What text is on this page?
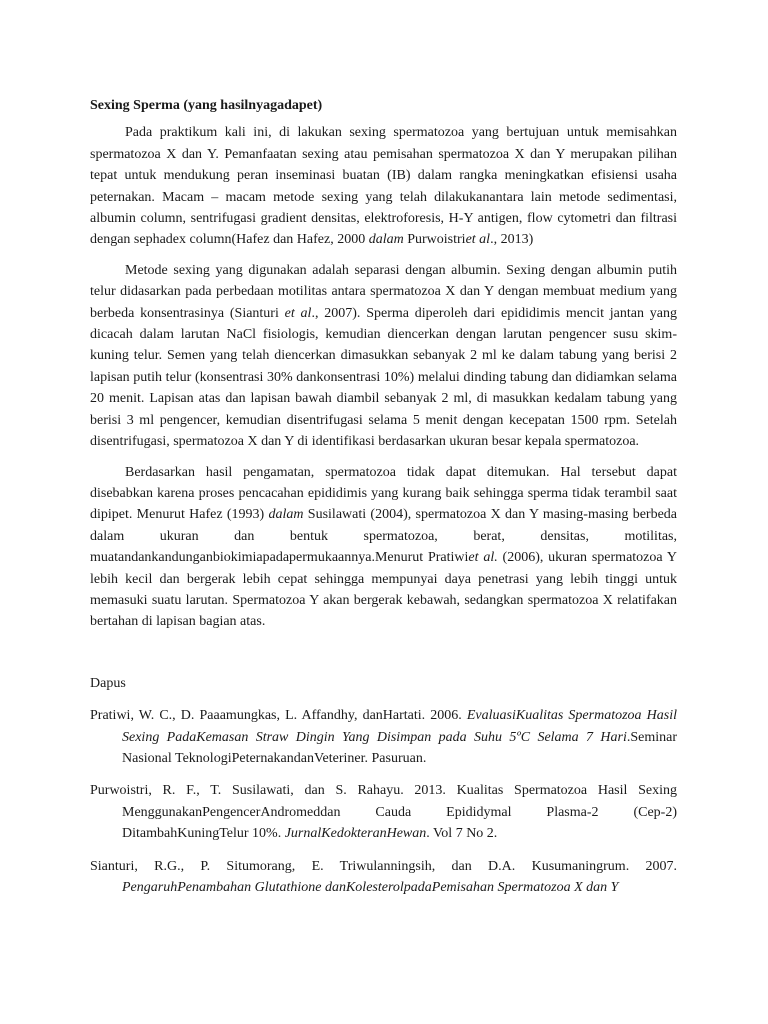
Sexing Sperma (yang hasilnyagadapet)

Pada praktikum kali ini, di lakukan sexing spermatozoa yang bertujuan untuk memisahkan spermatozoa X dan Y. Pemanfaatan sexing atau pemisahan spermatozoa X dan Y merupakan pilihan tepat untuk mendukung peran inseminasi buatan (IB) dalam rangka meningkatkan efisiensi usaha peternakan. Macam – macam metode sexing yang telah dilakukanantara lain metode sedimentasi, albumin column, sentrifugasi gradient densitas, elektroforesis, H-Y antigen, flow cytometri dan filtrasi dengan sephadex column(Hafez dan Hafez, 2000 dalam Purwoistriet al., 2013)

Metode sexing yang digunakan adalah separasi dengan albumin. Sexing dengan albumin putih telur didasarkan pada perbedaan motilitas antara spermatozoa X dan Y dengan membuat medium yang berbeda konsentrasinya (Sianturi et al., 2007). Sperma diperoleh dari epididimis mencit jantan yang dicacah dalam larutan NaCl fisiologis, kemudian diencerkan dengan larutan pengencer susu skim-kuning telur. Semen yang telah diencerkan dimasukkan sebanyak 2 ml ke dalam tabung yang berisi 2 lapisan putih telur (konsentrasi 30% dankonsentrasi 10%) melalui dinding tabung dan didiamkan selama 20 menit. Lapisan atas dan lapisan bawah diambil sebanyak 2 ml, di masukkan kedalam tabung yang berisi 3 ml pengencer, kemudian disentrifugasi selama 5 menit dengan kecepatan 1500 rpm. Setelah disentrifugasi, spermatozoa X dan Y di identifikasi berdasarkan ukuran besar kepala spermatozoa.

Berdasarkan hasil pengamatan, spermatozoa tidak dapat ditemukan. Hal tersebut dapat disebabkan karena proses pencacahan epididimis yang kurang baik sehingga sperma tidak terambil saat dipipet. Menurut Hafez (1993) dalam Susilawati (2004), spermatozoa X dan Y masing-masing berbeda dalam ukuran dan bentuk spermatozoa, berat, densitas, motilitas, muatandankandunganbiokimiapadapermukaannya.Menurut Pratiwiet al. (2006), ukuran spermatozoa Y lebih kecil dan bergerak lebih cepat sehingga mempunyai daya penetrasi yang lebih tinggi untuk memasuki suatu larutan. Spermatozoa Y akan bergerak kebawah, sedangkan spermatozoa X relatifakan bertahan di lapisan bagian atas.

Dapus

Pratiwi, W. C., D. Paaamungkas, L. Affandhy, danHartati. 2006. EvaluasiKualitas Spermatozoa Hasil Sexing PadaKemasan Straw Dingin Yang Disimpan pada Suhu 5ºC Selama 7 Hari.Seminar Nasional TeknologiPeternakandanVeteriner. Pasuruan.

Purwoistri, R. F., T. Susilawati, dan S. Rahayu. 2013. Kualitas Spermatozoa Hasil Sexing MenggunakanPengencerAndromeddan Cauda Epididymal Plasma-2 (Cep-2) DitambahKuningTelur 10%. JurnalKedokteranHewan. Vol 7 No 2.

Sianturi, R.G., P. Situmorang, E. Triwulanningsih, dan D.A. Kusumaningrum. 2007. PengaruhPenambahan Glutathione danKolesterolpadaPemisahan Spermatozoa X dan Y
